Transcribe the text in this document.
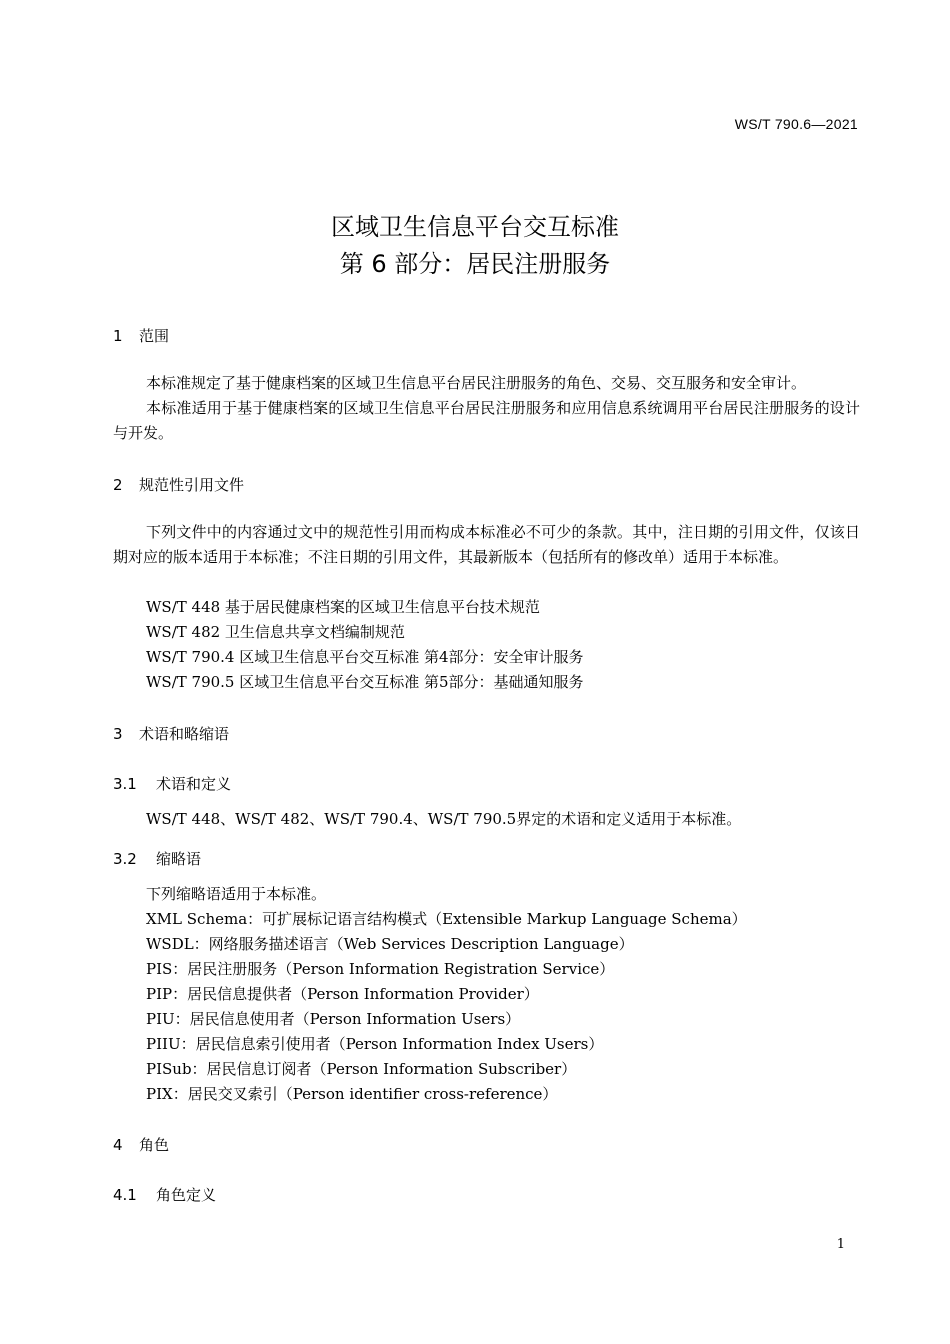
WS/T 790.6—2021
区域卫生信息平台交互标准
第 6 部分：居民注册服务
1 范围
本标准规定了基于健康档案的区域卫生信息平台居民注册服务的角色、交易、交互服务和安全审计。
本标准适用于基于健康档案的区域卫生信息平台居民注册服务和应用信息系统调用平台居民注册服务的设计与开发。
2 规范性引用文件
下列文件中的内容通过文中的规范性引用而构成本标准必不可少的条款。其中，注日期的引用文件，仅该日期对应的版本适用于本标准；不注日期的引用文件，其最新版本（包括所有的修改单）适用于本标准。
WS/T 448 基于居民健康档案的区域卫生信息平台技术规范
WS/T 482 卫生信息共享文档编制规范
WS/T 790.4 区域卫生信息平台交互标准 第4部分：安全审计服务
WS/T 790.5 区域卫生信息平台交互标准 第5部分：基础通知服务
3 术语和略缩语
3.1 术语和定义
WS/T 448、WS/T 482、WS/T 790.4、WS/T 790.5界定的术语和定义适用于本标准。
3.2 缩略语
下列缩略语适用于本标准。
XML Schema：可扩展标记语言结构模式（Extensible Markup Language Schema）
WSDL：网络服务描述语言（Web Services Description Language）
PIS：居民注册服务（Person Information Registration Service）
PIP：居民信息提供者（Person Information Provider）
PIU：居民信息使用者（Person Information Users）
PIIU：居民信息索引使用者（Person Information Index Users）
PISub：居民信息订阅者（Person Information Subscriber）
PIX：居民交叉索引（Person identifier cross-reference）
4 角色
4.1 角色定义
1
